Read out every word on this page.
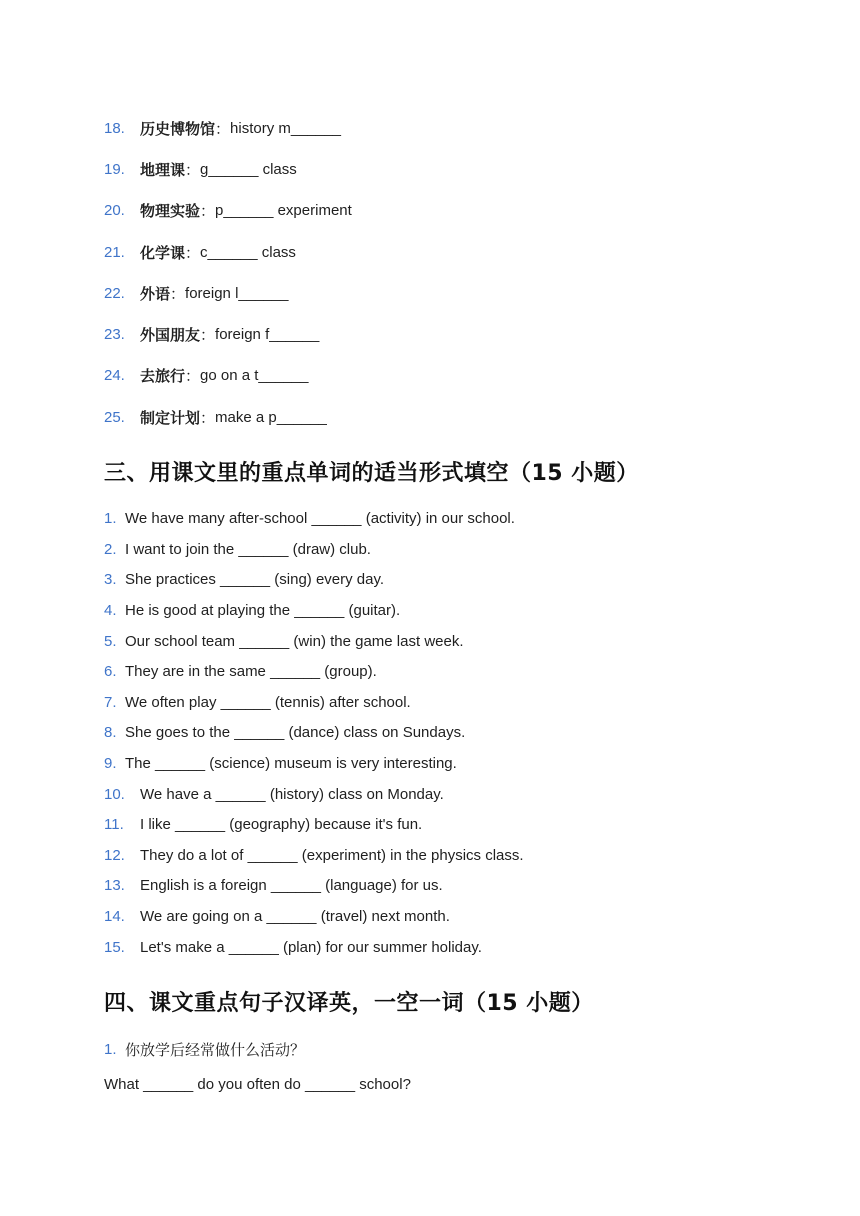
18.	历史博物馆 ： history m______
19.	地理课 ： g______ class
20.	物理实验 ： p______ experiment
21.	化学课 ： c______ class
22.	外语 ： foreign l______
23.	外国朋友 ： foreign f______
24.	去旅行 ： go on a t______
25.	制定计划 ： make a p______
三、用课文里的重点单词的适当形式填空（15 小题）
1. We have many after-school ______ (activity) in our school.
2. I want to join the ______ (draw) club.
3. She practices ______ (sing) every day.
4. He is good at playing the ______ (guitar).
5. Our school team ______ (win) the game last week.
6. They are in the same ______ (group).
7. We often play ______ (tennis) after school.
8. She goes to the ______ (dance) class on Sundays.
9. The ______ (science) museum is very interesting.
10.	We have a ______ (history) class on Monday.
11.	I like ______ (geography) because it's fun.
12.	They do a lot of ______ (experiment) in the physics class.
13.	English is a foreign ______ (language) for us.
14.	We are going on a ______ (travel) next month.
15.	Let's make a ______ (plan) for our summer holiday.
四、课文重点句子汉译英，一空一词（15 小题）
1. 你放学后经常做什么活动？
What ______ do you often do ______ school?
